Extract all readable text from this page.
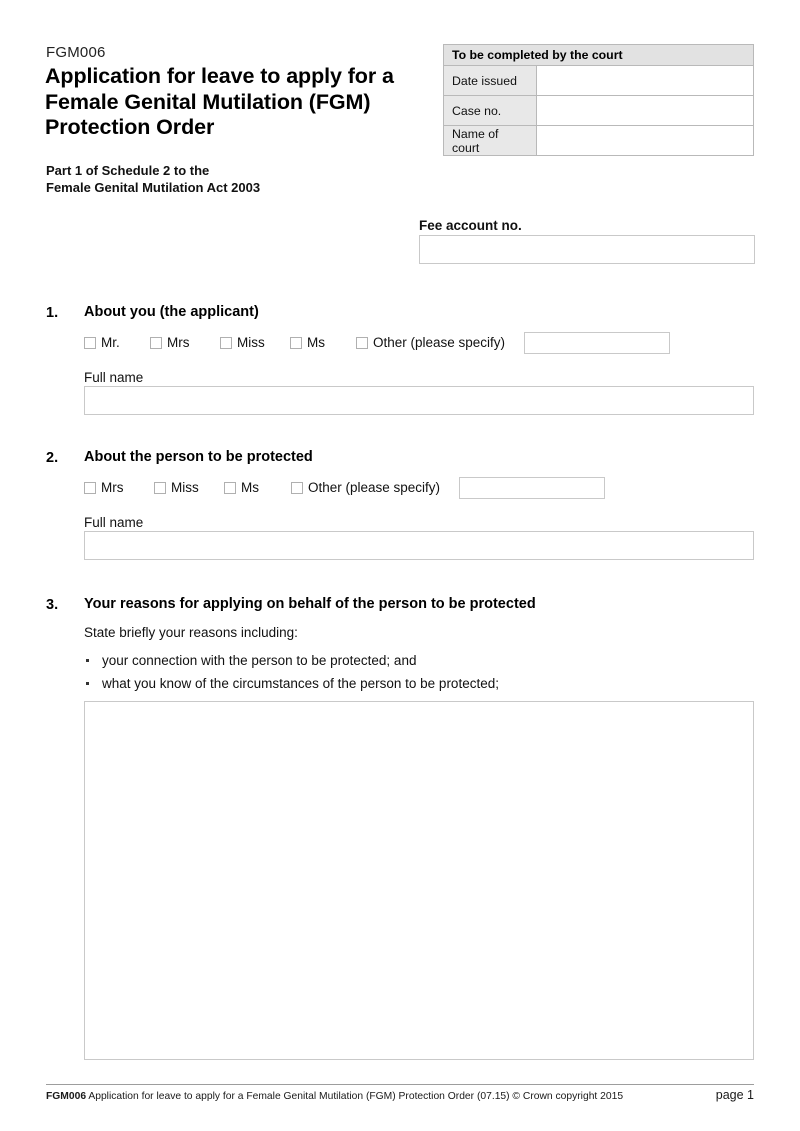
FGM006
Application for leave to apply for a Female Genital Mutilation (FGM) Protection Order
Part 1 of Schedule 2 to the
Female Genital Mutilation Act 2003
To be completed by the court	
Date issued	
Case no.	
Name of court	
Fee account no.
1. About you (the applicant)
Mr.	Mrs	Miss	Ms	Other (please specify)
Full name
2. About the person to be protected
Mrs	Miss	Ms	Other (please specify)
Full name
3. Your reasons for applying on behalf of the person to be protected
State briefly your reasons including:
your connection with the person to be protected; and
what you know of the circumstances of the person to be protected;
FGM006 Application for leave to apply for a Female Genital Mutilation (FGM) Protection Order (07.15) © Crown copyright 2015	page 1
